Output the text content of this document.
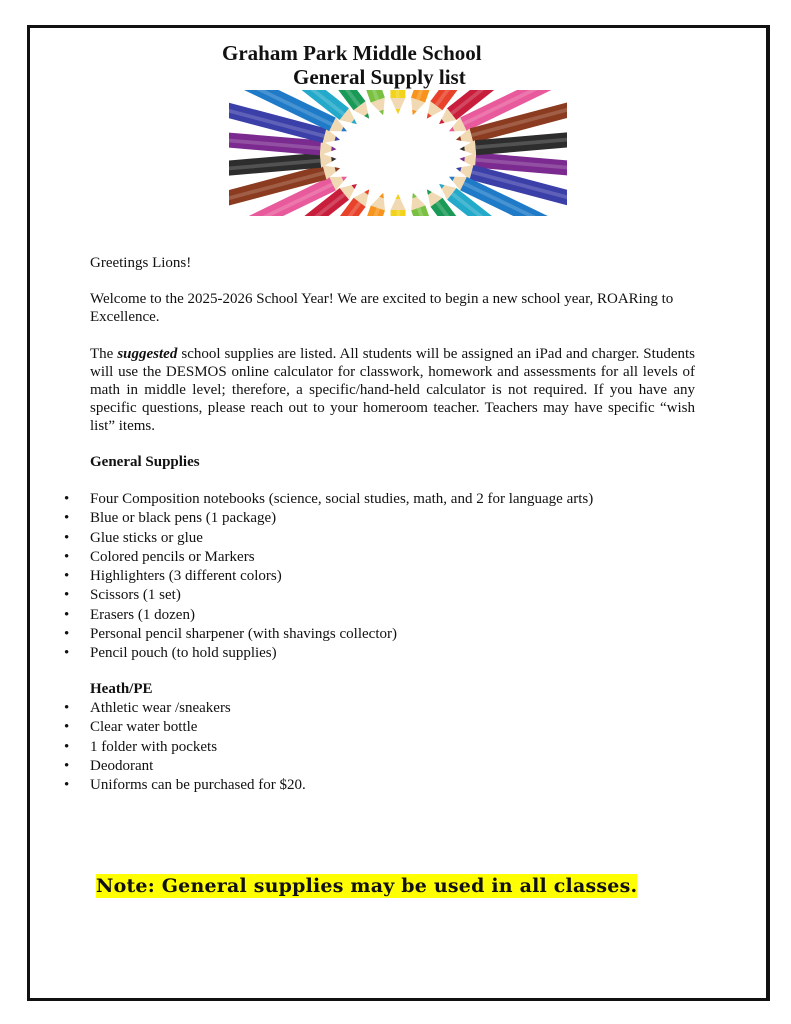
Graham Park Middle School
General Supply list

Greetings Lions!

Welcome to the 2025-2026 School Year! We are excited to begin a new school year, ROARing to Excellence.

The suggested school supplies are listed. All students will be assigned an iPad and charger. Students will use the DESMOS online calculator for classwork, homework and assessments for all levels of math in middle level; therefore, a specific/hand-held calculator is not required. If you have any specific questions, please reach out to your homeroom teacher. Teachers may have specific “wish list” items.

General Supplies
• Four Composition notebooks (science, social studies, math, and 2 for language arts)
• Blue or black pens (1 package)
• Glue sticks or glue
• Colored pencils or Markers
• Highlighters (3 different colors)
• Scissors (1 set)
• Erasers (1 dozen)
• Personal pencil sharpener (with shavings collector)
• Pencil pouch (to hold supplies)
Heath/PE
• Athletic wear /sneakers
• Clear water bottle
• 1 folder with pockets
• Deodorant
• Uniforms can be purchased for $20.

Note: General supplies may be used in all classes.
